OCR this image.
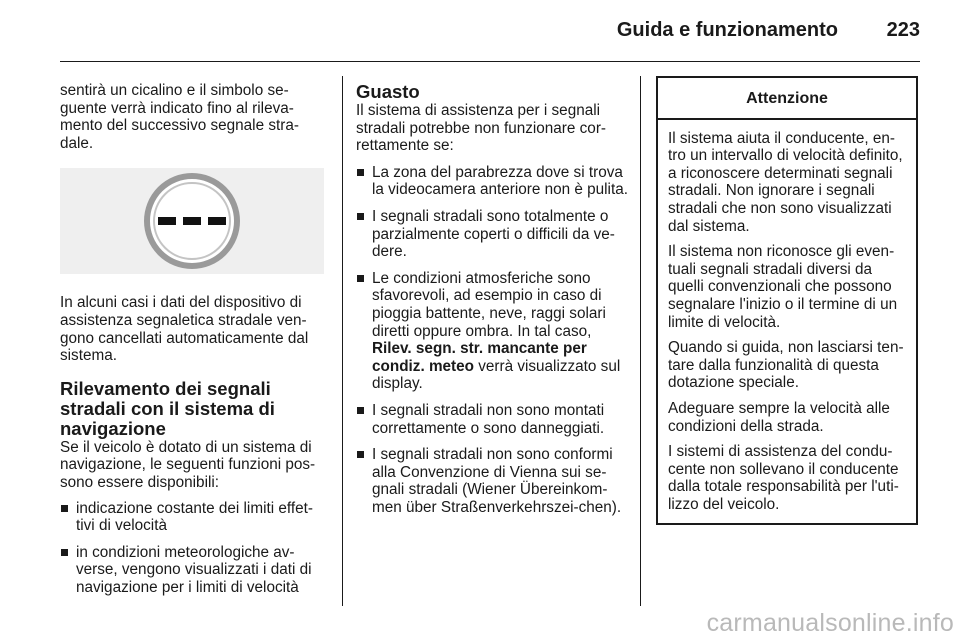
Guida e funzionamento 223

sentirà un cicalino e il simbolo se-guente verrà indicato fino al rileva-mento del successivo segnale stra-dale.

In alcuni casi i dati del dispositivo di assistenza segnaletica stradale ven-gono cancellati automaticamente dal sistema.

Rilevamento dei segnali stradali con il sistema di navigazione

Se il veicolo è dotato di un sistema di navigazione, le seguenti funzioni pos-sono essere disponibili:

indicazione costante dei limiti effet-tivi di velocità
in condizioni meteorologiche av-verse, vengono visualizzati i dati di navigazione per i limiti di velocità
Guasto

Il sistema di assistenza per i segnali stradali potrebbe non funzionare cor-rettamente se:

La zona del parabrezza dove si trova la videocamera anteriore non è pulita.
I segnali stradali sono totalmente o parzialmente coperti o difficili da ve-dere.
Le condizioni atmosferiche sono sfavorevoli, ad esempio in caso di pioggia battente, neve, raggi solari diretti oppure ombra. In tal caso, Rilev. segn. str. mancante per condiz. meteo verrà visualizzato sul display.
I segnali stradali non sono montati correttamente o sono danneggiati.
I segnali stradali non sono conformi alla Convenzione di Vienna sui se-gnali stradali (Wiener Übereinkom-men über Straßenverkehrszei-chen).
Attenzione

Il sistema aiuta il conducente, en-tro un intervallo di velocità definito, a riconoscere determinati segnali stradali. Non ignorare i segnali stradali che non sono visualizzati dal sistema.

Il sistema non riconosce gli even-tuali segnali stradali diversi da quelli convenzionali che possono segnalare l'inizio o il termine di un limite di velocità.

Quando si guida, non lasciarsi ten-tare dalla funzionalità di questa dotazione speciale.

Adeguare sempre la velocità alle condizioni della strada.

I sistemi di assistenza del condu-cente non sollevano il conducente dalla totale responsabilità per l'uti-lizzo del veicolo.

carmanualsonline.info
